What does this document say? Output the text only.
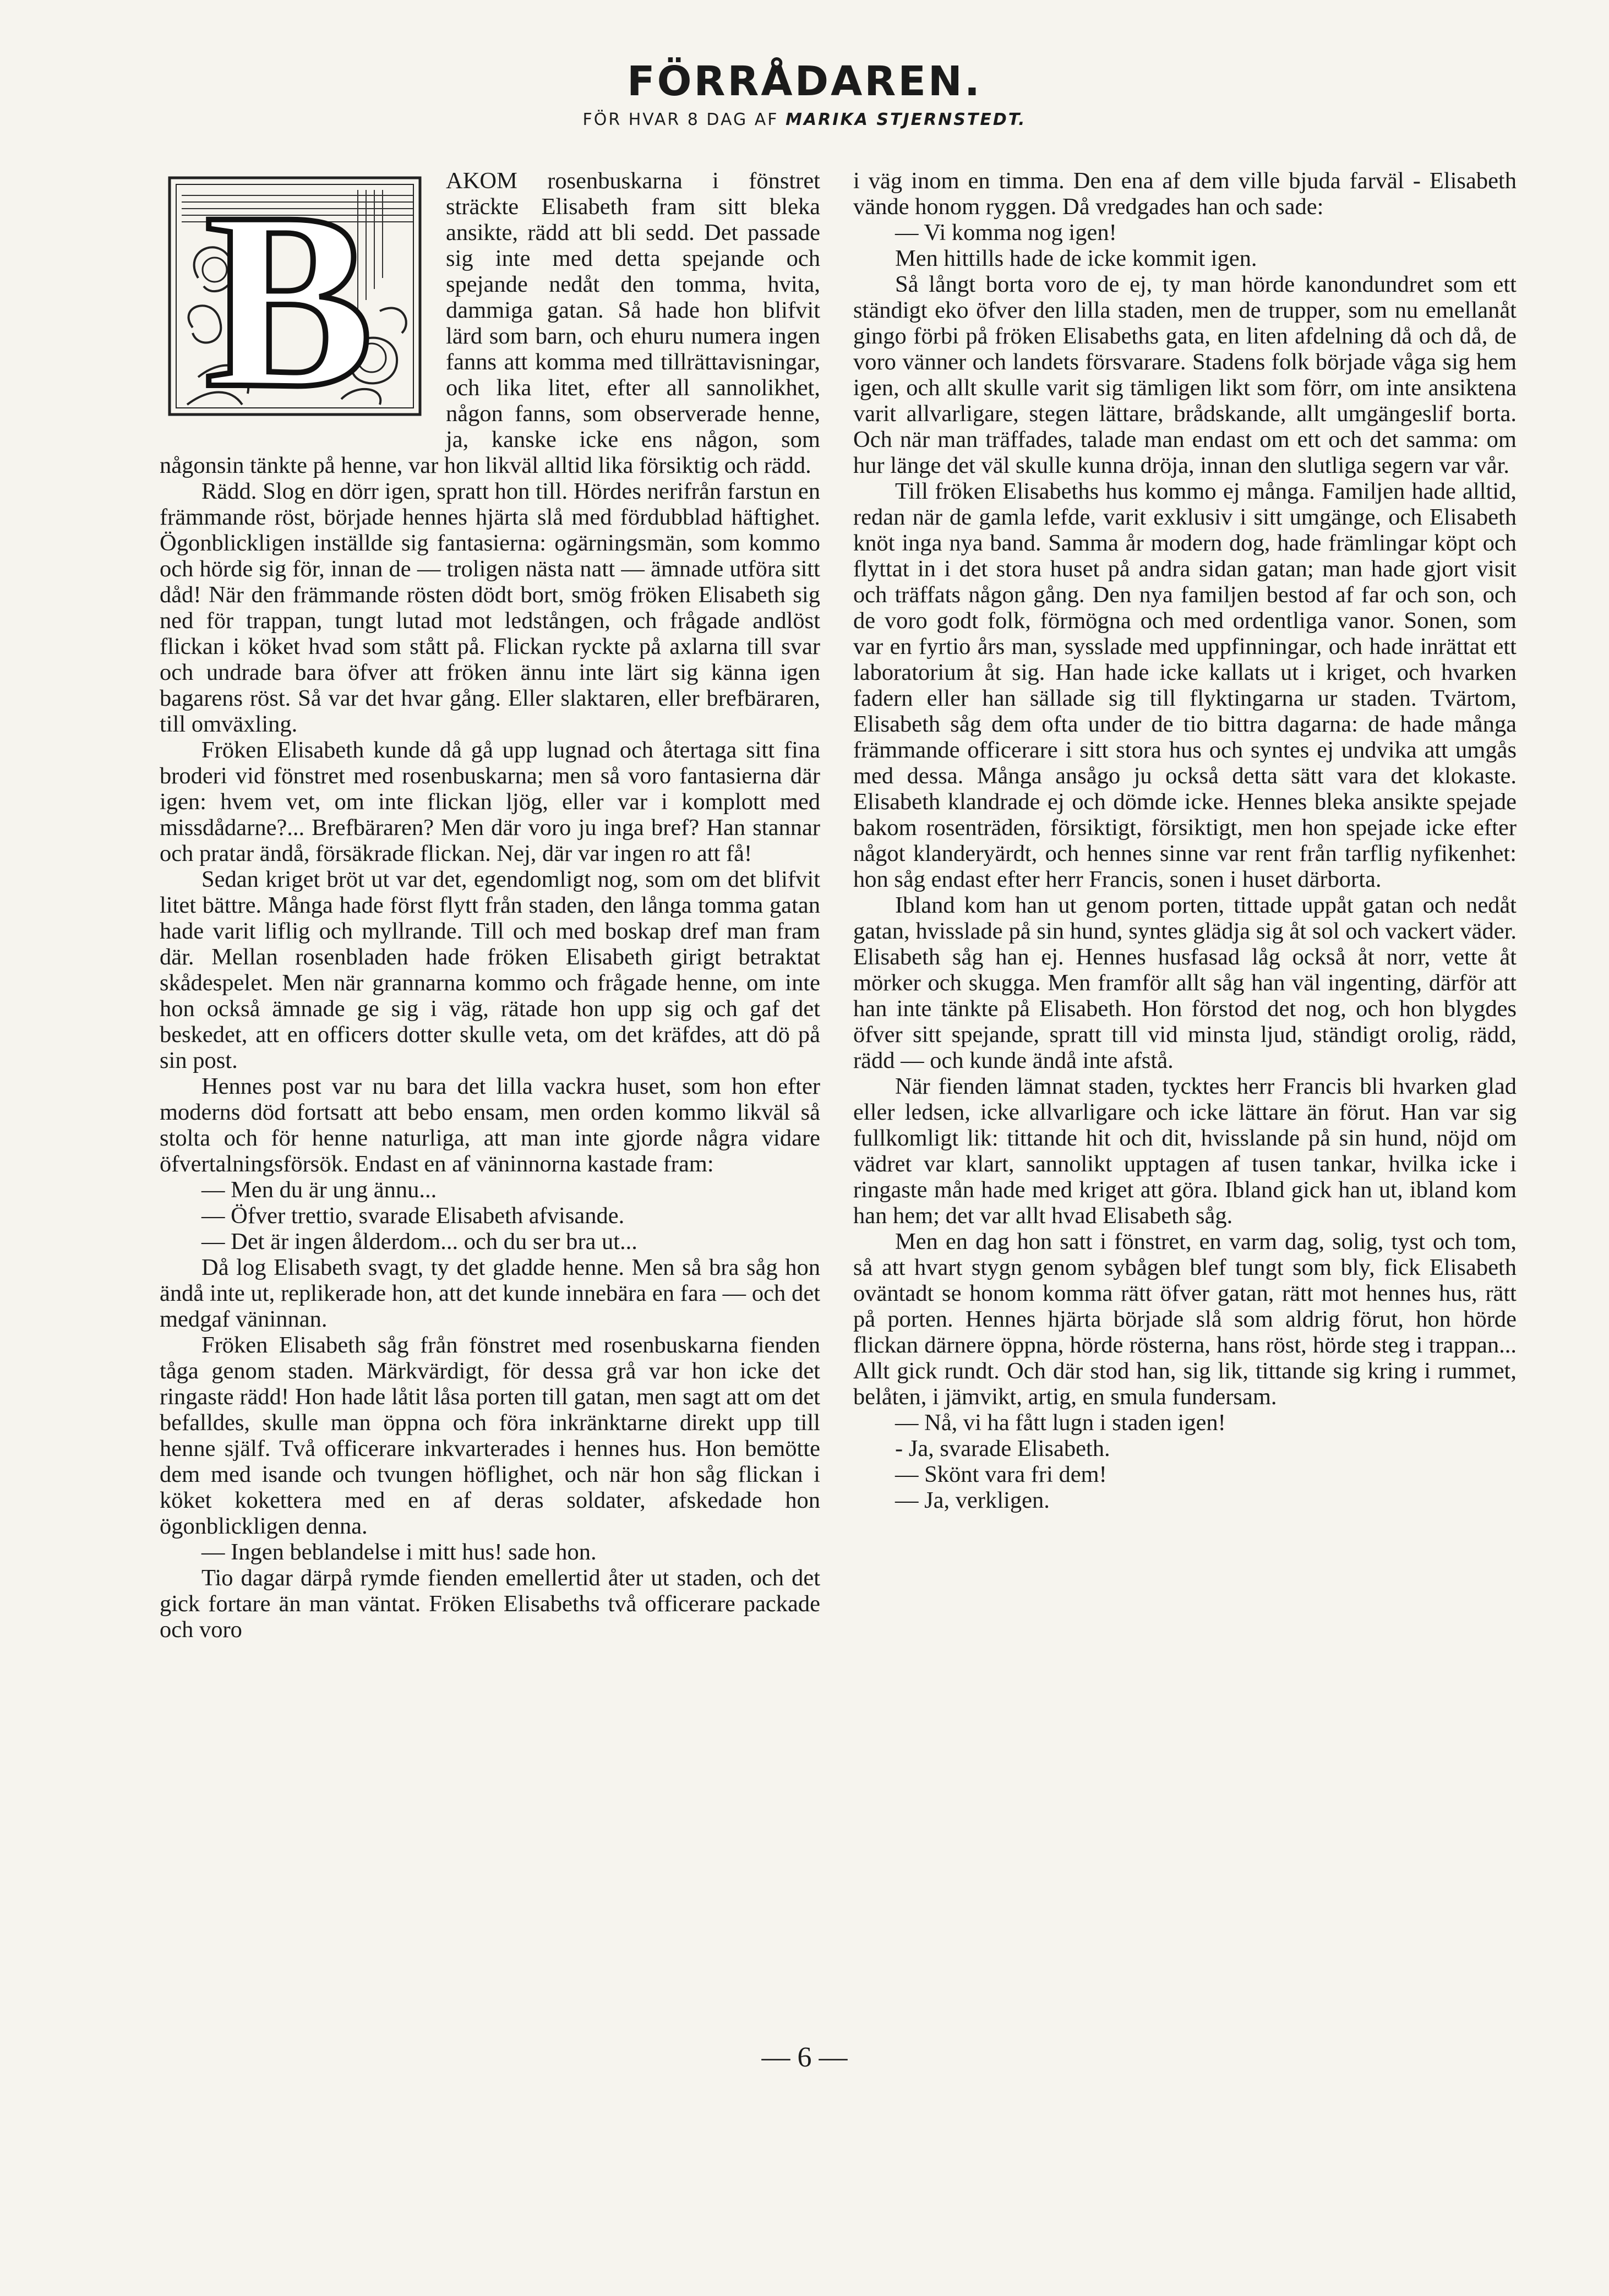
FÖRRÅDAREN.

FÖR HVAR 8 DAG AF MARIKA STJERNSTEDT.

B	AKOM rosenbuskarna i fönstret sträckte Elisabeth fram sitt bleka ansikte, rädd att bli sedd. Det passade sig inte med detta spejande och spejande nedåt den tomma, hvita, dammiga gatan. Så hade hon blifvit lärd som barn, och ehuru numera ingen fanns att komma med tillrättavisningar, och lika litet, efter all sannolikhet, någon fanns, som observerade henne, ja, kanske icke ens någon, som någonsin tänkte på henne, var hon likväl alltid lika försiktig och rädd.

Rädd. Slog en dörr igen, spratt hon till. Hördes nerifrån farstun en främmande röst, började hennes hjärta slå med fördubblad häftighet. Ögonblickligen inställde sig fantasierna: ogärningsmän, som kommo och hörde sig för, innan de — troligen nästa natt — ämnade utföra sitt dåd! När den främmande rösten dödt bort, smög fröken Elisabeth sig ned för trappan, tungt lutad mot ledstången, och frågade andlöst flickan i köket hvad som stått på. Flickan ryckte på axlarna till svar och undrade bara öfver att fröken ännu inte lärt sig känna igen bagarens röst. Så var det hvar gång. Eller slaktaren, eller brefbäraren, till omväxling.

Fröken Elisabeth kunde då gå upp lugnad och återtaga sitt fina broderi vid fönstret med rosenbuskarna; men så voro fantasierna där igen: hvem vet, om inte flickan ljög, eller var i komplott med missdådarne?... Brefbäraren? Men där voro ju inga bref? Han stannar och pratar ändå, försäkrade flickan. Nej, där var ingen ro att få!

Sedan kriget bröt ut var det, egendomligt nog, som om det blifvit litet bättre. Många hade först flytt från staden, den långa tomma gatan hade varit liflig och myllrande. Till och med boskap dref man fram där. Mellan rosenbladen hade fröken Elisabeth girigt betraktat skådespelet. Men när grannarna kommo och frågade henne, om inte hon också ämnade ge sig i väg, rätade hon upp sig och gaf det beskedet, att en officers dotter skulle veta, om det kräfdes, att dö på sin post.

Hennes post var nu bara det lilla vackra huset, som hon efter moderns död fortsatt att bebo ensam, men orden kommo likväl så stolta och för henne naturliga, att man inte gjorde några vidare öfvertalningsförsök. Endast en af väninnorna kastade fram:

— Men du är ung ännu...

— Öfver trettio, svarade Elisabeth afvisande.

— Det är ingen ålderdom... och du ser bra ut...

Då log Elisabeth svagt, ty det gladde henne. Men så bra såg hon ändå inte ut, replikerade hon, att det kunde innebära en fara — och det medgaf väninnan.

Fröken Elisabeth såg från fönstret med rosenbuskarna fienden tåga genom staden. Märkvärdigt, för dessa grå var hon icke det ringaste rädd! Hon hade låtit låsa porten till gatan, men sagt att om det befalldes, skulle man öppna och föra inkränktarne direkt upp till henne själf. Två officerare inkvarterades i hennes hus. Hon bemötte dem med isande och tvungen höflighet, och när hon såg flickan i köket kokettera med en af deras soldater, afskedade hon ögonblickligen denna.

— Ingen beblandelse i mitt hus! sade hon.

Tio dagar därpå rymde fienden emellertid åter ut staden, och det gick fortare än man väntat. Fröken Elisabeths två officerare packade och voro

i väg inom en timma. Den ena af dem ville bjuda farväl - Elisabeth vände honom ryggen. Då vredgades han och sade:

— Vi komma nog igen!

Men hittills hade de icke kommit igen.

Så långt borta voro de ej, ty man hörde kanondundret som ett ständigt eko öfver den lilla staden, men de trupper, som nu emellanåt gingo förbi på fröken Elisabeths gata, en liten afdelning då och då, de voro vänner och landets försvarare. Stadens folk började våga sig hem igen, och allt skulle varit sig tämligen likt som förr, om inte ansiktena varit allvarligare, stegen lättare, brådskande, allt umgängeslif borta. Och när man träffades, talade man endast om ett och det samma: om hur länge det väl skulle kunna dröja, innan den slutliga segern var vår.

Till fröken Elisabeths hus kommo ej många. Familjen hade alltid, redan när de gamla lefde, varit exklusiv i sitt umgänge, och Elisabeth knöt inga nya band. Samma år modern dog, hade främlingar köpt och flyttat in i det stora huset på andra sidan gatan; man hade gjort visit och träffats någon gång. Den nya familjen bestod af far och son, och de voro godt folk, förmögna och med ordentliga vanor. Sonen, som var en fyrtio års man, sysslade med uppfinningar, och hade inrättat ett laboratorium åt sig. Han hade icke kallats ut i kriget, och hvarken fadern eller han sällade sig till flyktingarna ur staden. Tvärtom, Elisabeth såg dem ofta under de tio bittra dagarna: de hade många främmande officerare i sitt stora hus och syntes ej undvika att umgås med dessa. Många ansågo ju också detta sätt vara det klokaste. Elisabeth klandrade ej och dömde icke. Hennes bleka ansikte spejade bakom rosenträden, försiktigt, försiktigt, men hon spejade icke efter något klanderyärdt, och hennes sinne var rent från tarflig nyfikenhet: hon såg endast efter herr Francis, sonen i huset därborta.

Ibland kom han ut genom porten, tittade uppåt gatan och nedåt gatan, hvisslade på sin hund, syntes glädja sig åt sol och vackert väder. Elisabeth såg han ej. Hennes husfasad låg också åt norr, vette åt mörker och skugga. Men framför allt såg han väl ingenting, därför att han inte tänkte på Elisabeth. Hon förstod det nog, och hon blygdes öfver sitt spejande, spratt till vid minsta ljud, ständigt orolig, rädd, rädd — och kunde ändå inte afstå.

När fienden lämnat staden, tycktes herr Francis bli hvarken glad eller ledsen, icke allvarligare och icke lättare än förut. Han var sig fullkomligt lik: tittande hit och dit, hvisslande på sin hund, nöjd om vädret var klart, sannolikt upptagen af tusen tankar, hvilka icke i ringaste mån hade med kriget att göra. Ibland gick han ut, ibland kom han hem; det var allt hvad Elisabeth såg.

Men en dag hon satt i fönstret, en varm dag, solig, tyst och tom, så att hvart stygn genom sybågen blef tungt som bly, fick Elisabeth oväntadt se honom komma rätt öfver gatan, rätt mot hennes hus, rätt på porten. Hennes hjärta började slå som aldrig förut, hon hörde flickan därnere öppna, hörde rösterna, hans röst, hörde steg i trappan... Allt gick rundt. Och där stod han, sig lik, tittande sig kring i rummet, belåten, i jämvikt, artig, en smula fundersam.

— Nå, vi ha fått lugn i staden igen!

- Ja, svarade Elisabeth.

— Skönt vara fri dem!

— Ja, verkligen.

— 6 —
